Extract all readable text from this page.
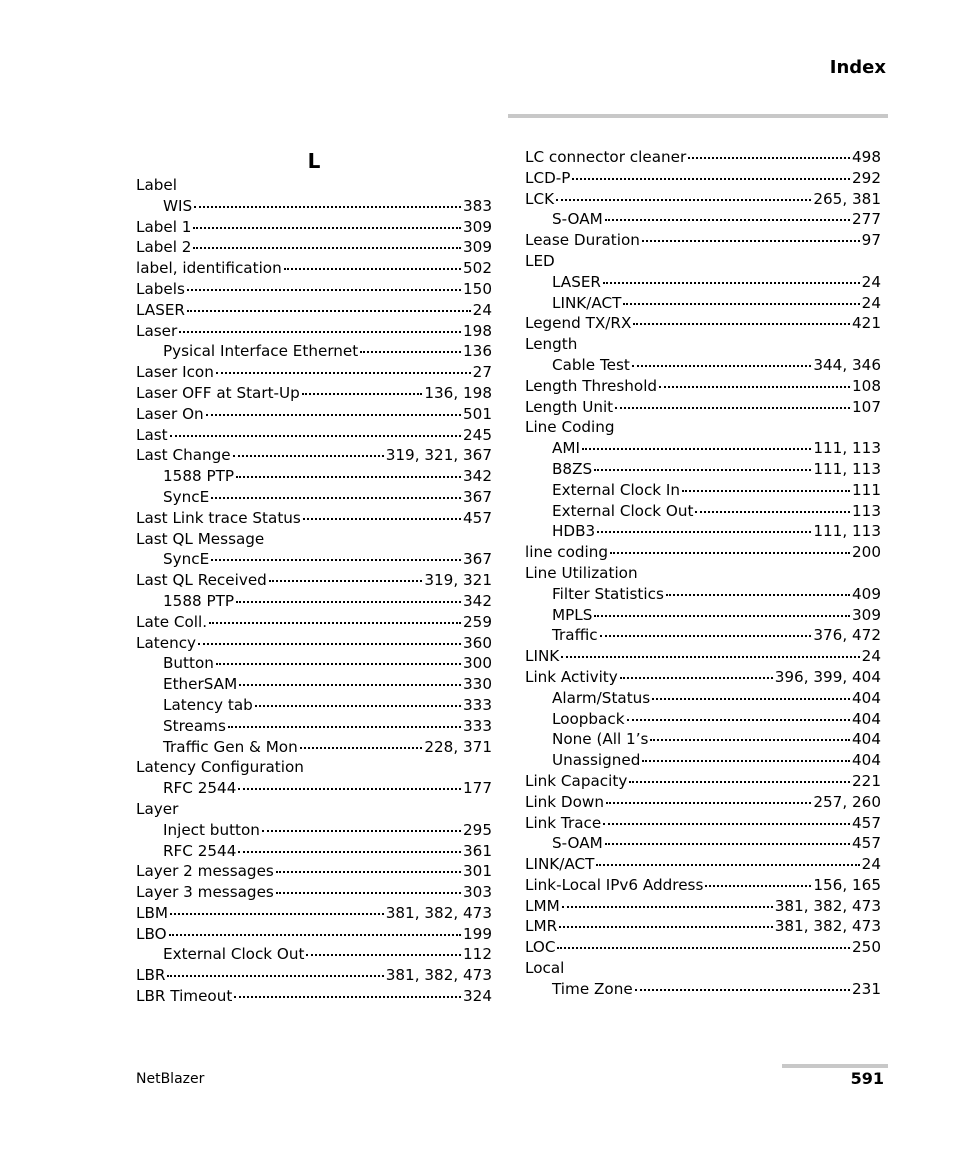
Index
L
Label
WIS	383
Label 1	309
Label 2	309
label, identification	502
Labels	150
LASER	24
Laser	198
Pysical Interface Ethernet	136
Laser Icon	27
Laser OFF at Start-Up	136, 198
Laser On	501
Last	245
Last Change	319, 321, 367
1588 PTP	342
SyncE	367
Last Link trace Status	457
Last QL Message
SyncE	367
Last QL Received	319, 321
1588 PTP	342
Late Coll.	259
Latency	360
Button	300
EtherSAM	330
Latency tab	333
Streams	333
Traffic Gen & Mon	228, 371
Latency Configuration
RFC 2544	177
Layer
Inject button	295
RFC 2544	361
Layer 2 messages	301
Layer 3 messages	303
LBM	381, 382, 473
LBO	199
External Clock Out	112
LBR	381, 382, 473
LBR Timeout	324
LC connector cleaner	498
LCD-P	292
LCK	265, 381
S-OAM	277
Lease Duration	97
LED
LASER	24
LINK/ACT	24
Legend TX/RX	421
Length
Cable Test	344, 346
Length Threshold	108
Length Unit	107
Line Coding
AMI	111, 113
B8ZS	111, 113
External Clock In	111
External Clock Out	113
HDB3	111, 113
line coding	200
Line Utilization
Filter Statistics	409
MPLS	309
Traffic	376, 472
LINK	24
Link Activity	396, 399, 404
Alarm/Status	404
Loopback	404
None (All 1’s	404
Unassigned	404
Link Capacity	221
Link Down	257, 260
Link Trace	457
S-OAM	457
LINK/ACT	24
Link-Local IPv6 Address	156, 165
LMM	381, 382, 473
LMR	381, 382, 473
LOC	250
Local
Time Zone	231
NetBlazer	591
